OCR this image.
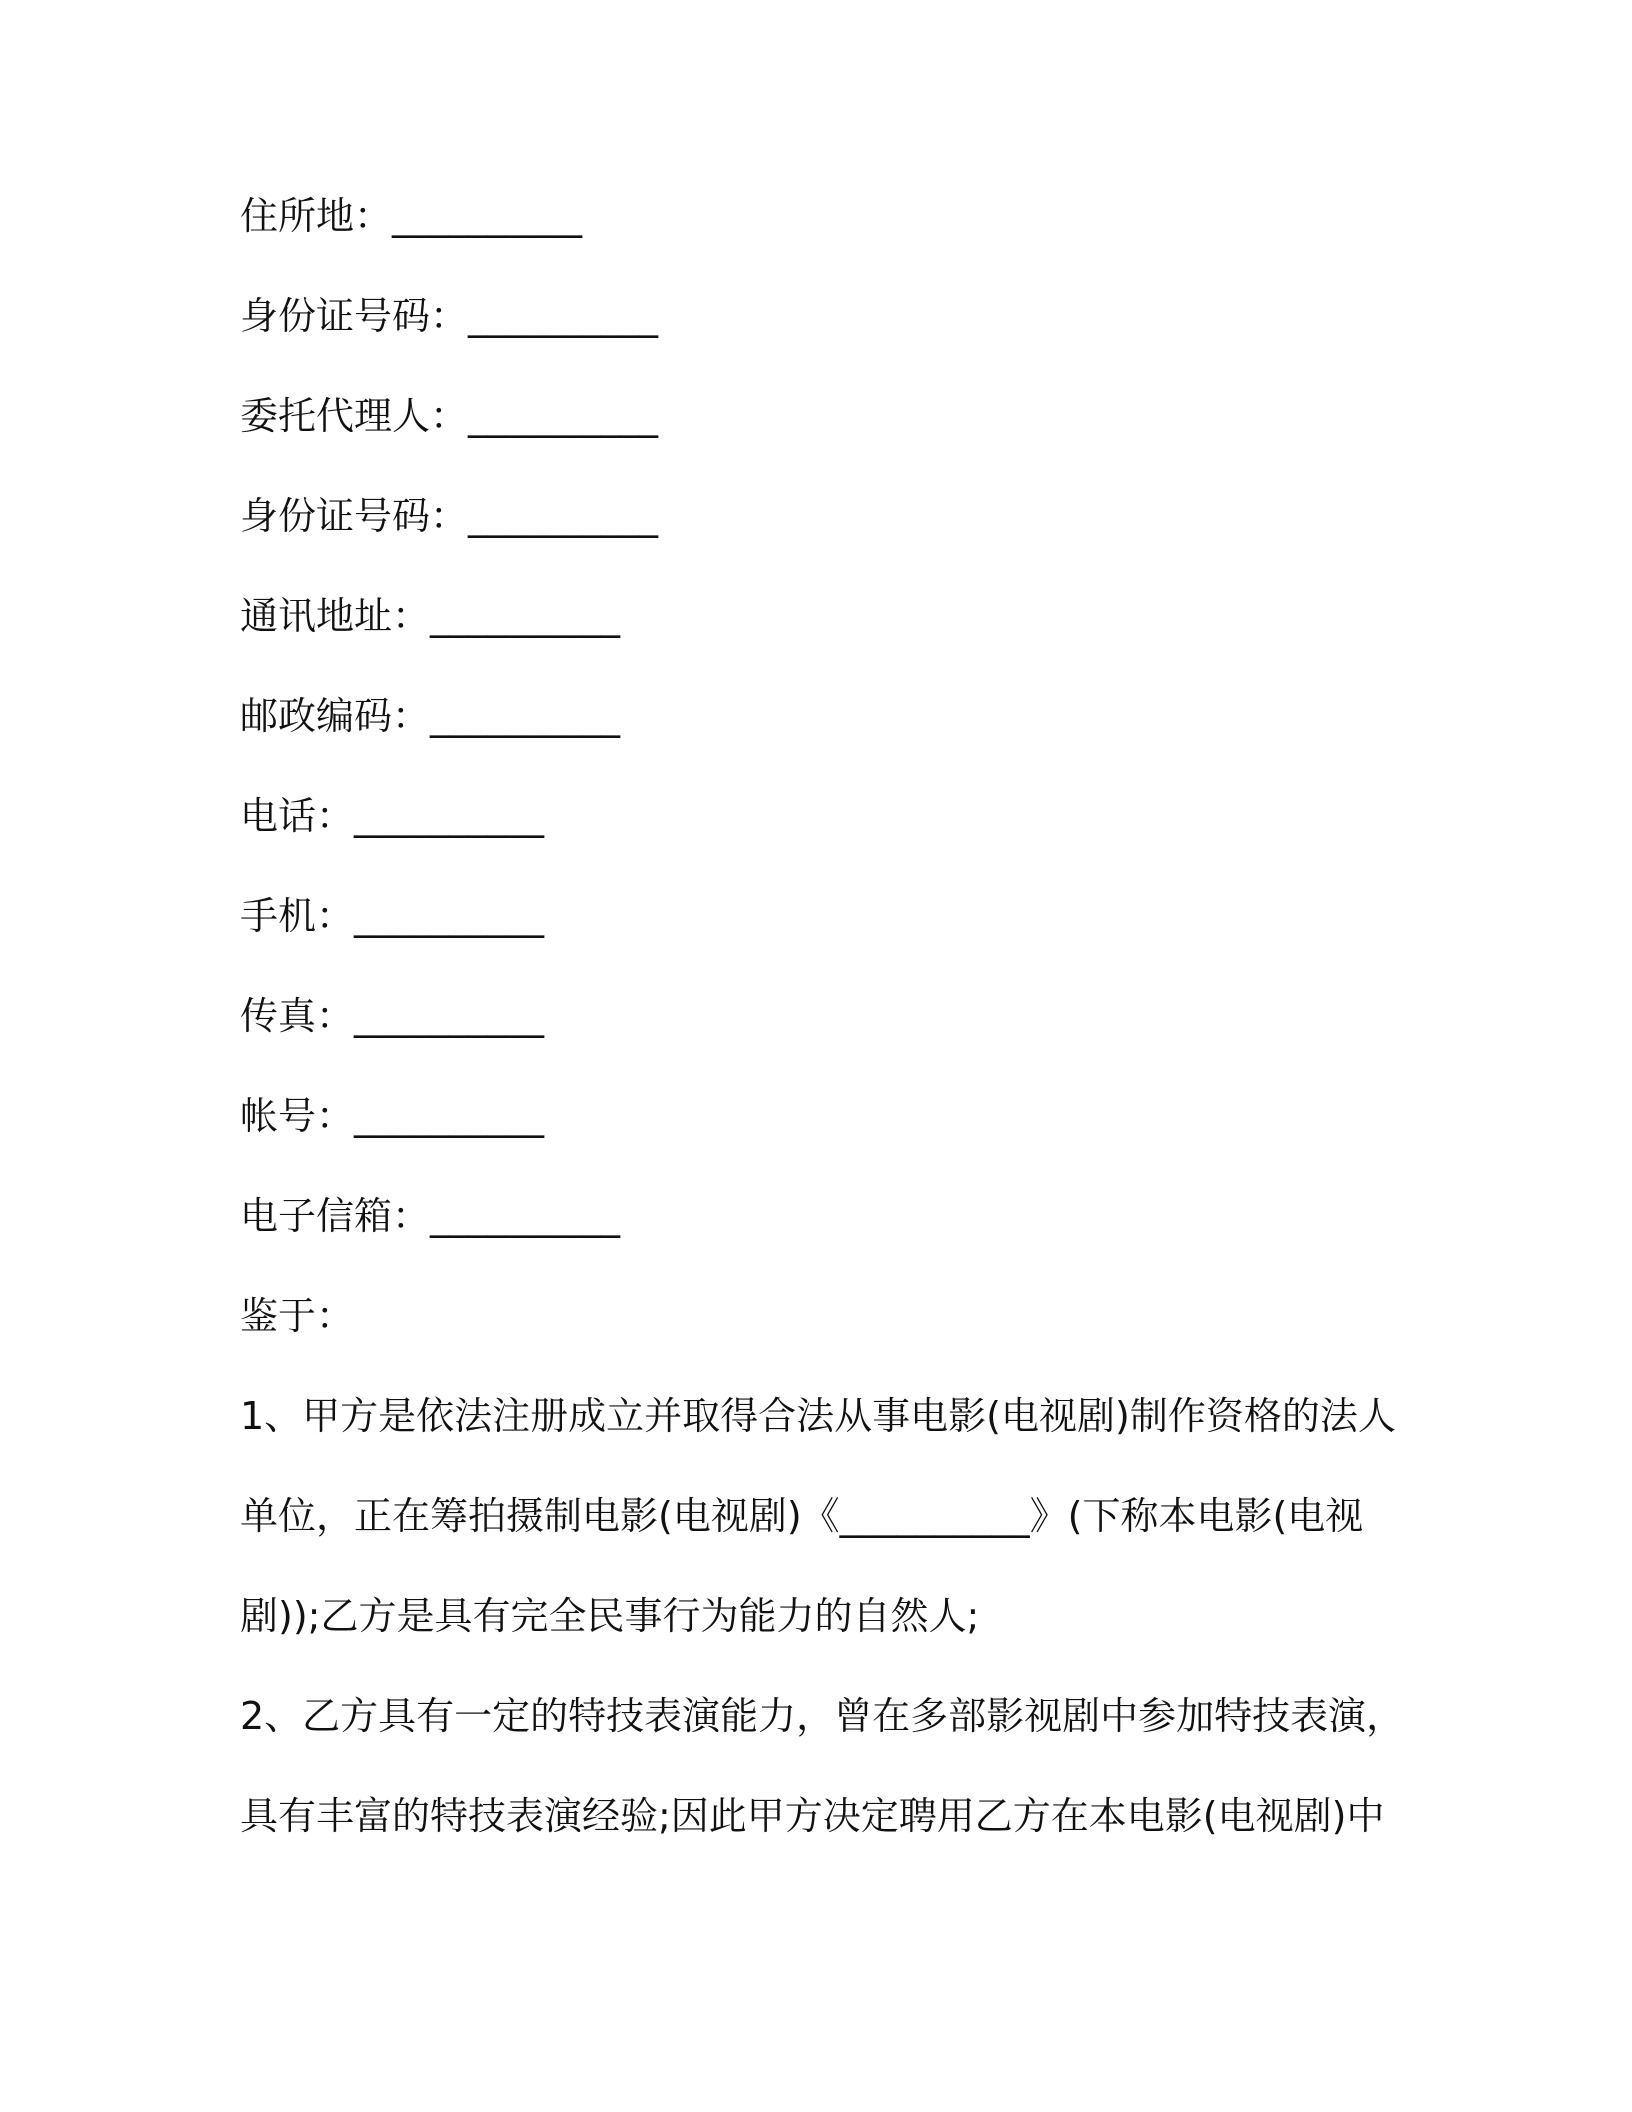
住所地：__________

身份证号码：__________

委托代理人：__________

身份证号码：__________

通讯地址：__________

邮政编码：__________

电话：__________

手机：__________

传真：__________

帐号：__________

电子信箱：__________

鉴于：

1、甲方是依法注册成立并取得合法从事电影(电视剧)制作资格的法人

单位，正在筹拍摄制电影(电视剧)《__________》(下称本电影(电视

剧));乙方是具有完全民事行为能力的自然人;

2、乙方具有一定的特技表演能力，曾在多部影视剧中参加特技表演，

具有丰富的特技表演经验;因此甲方决定聘用乙方在本电影(电视剧)中
